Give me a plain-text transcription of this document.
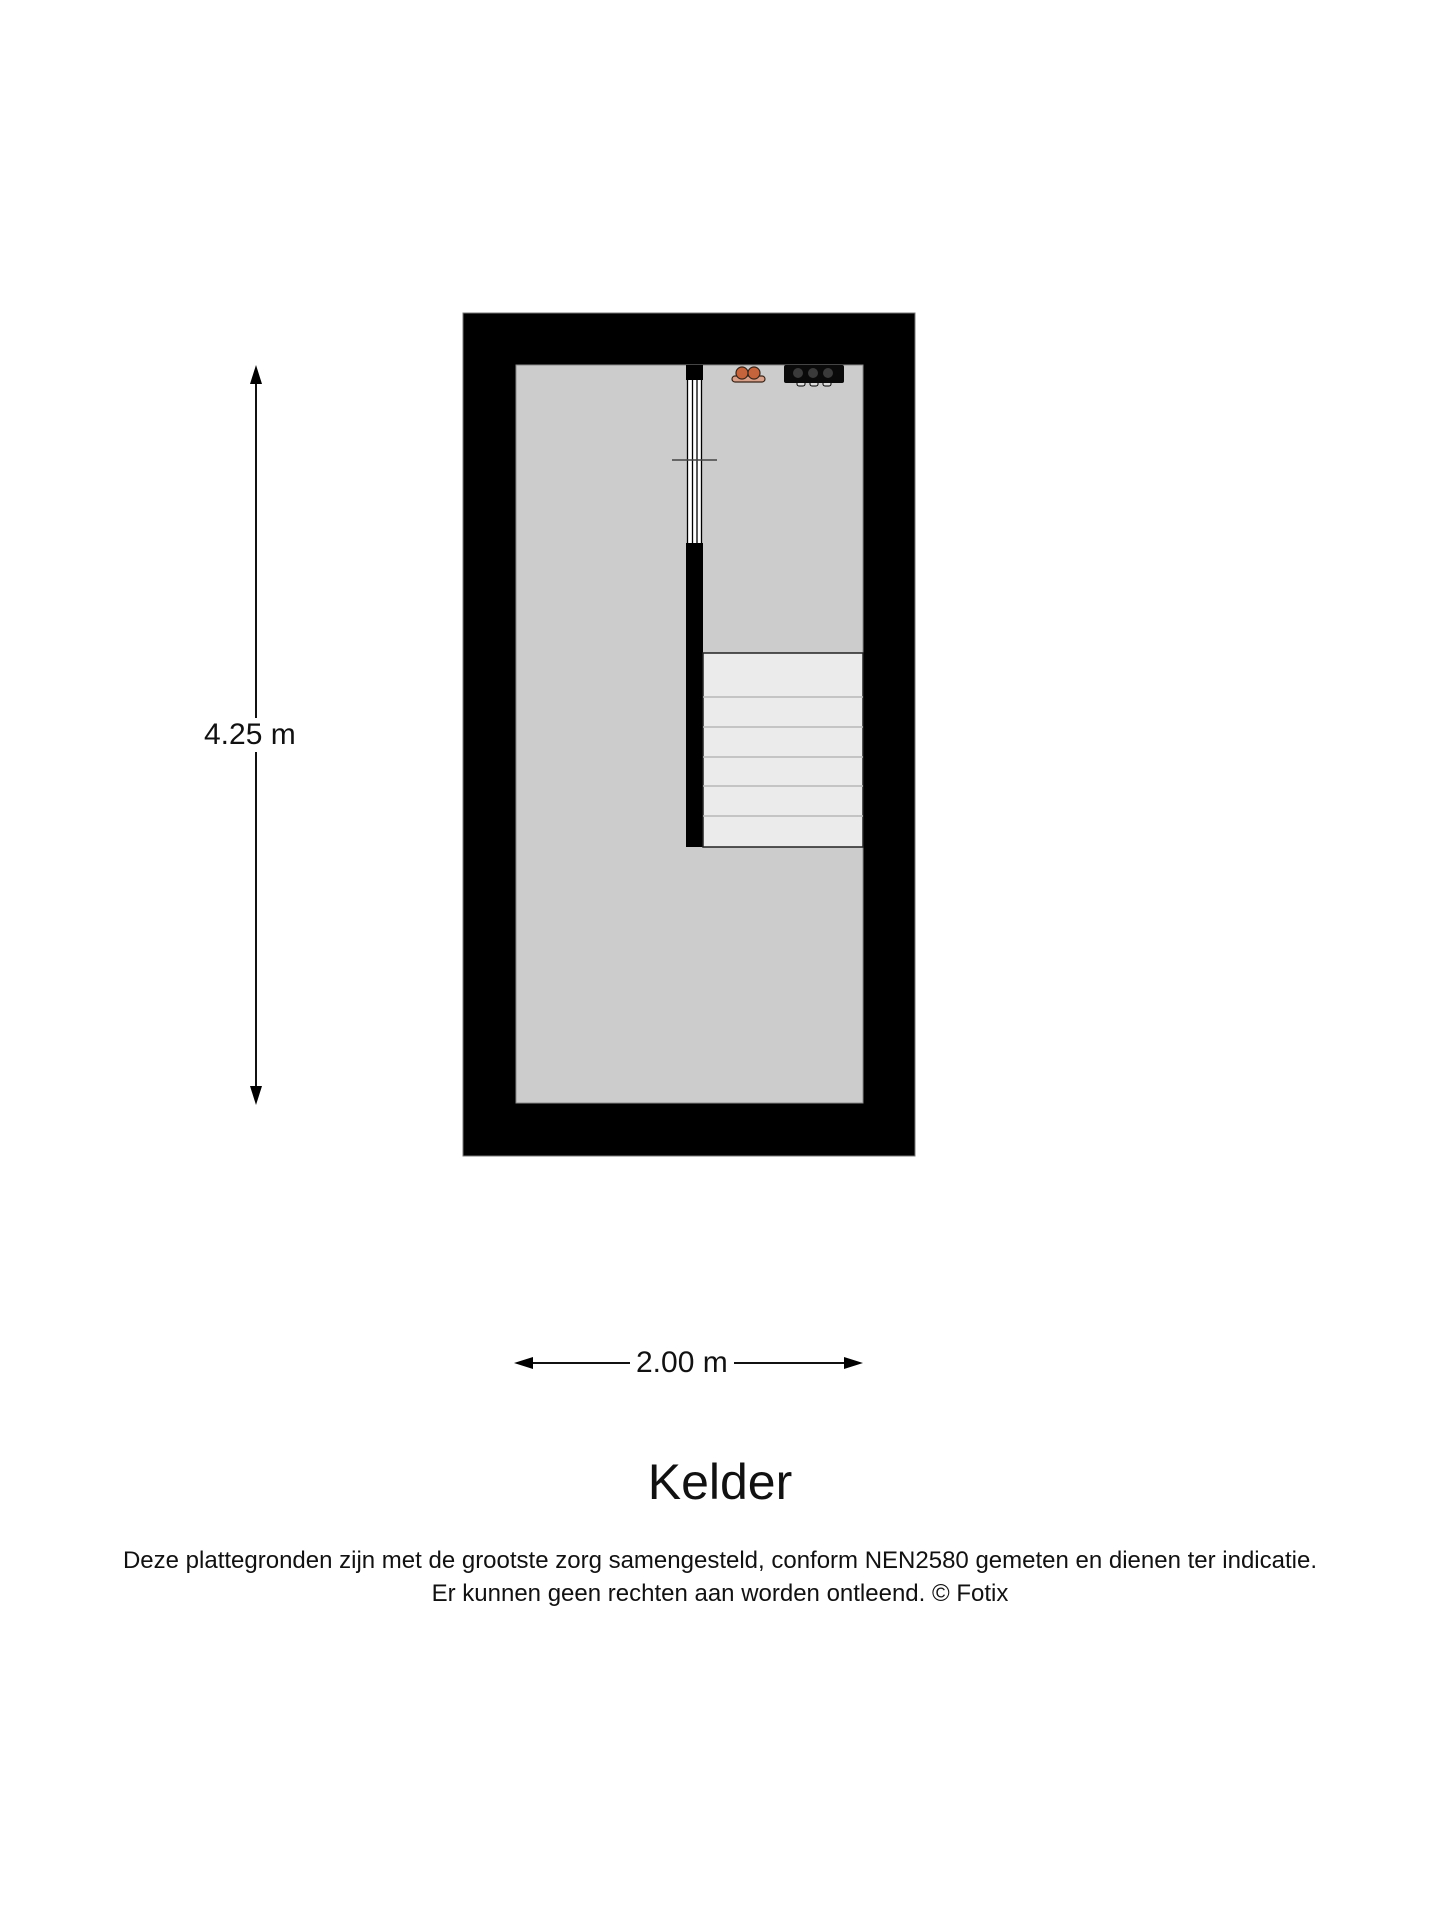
4.25 m
2.00 m
Kelder
Deze plattegronden zijn met de grootste zorg samengesteld, conform NEN2580 gemeten en dienen ter indicatie.
Er kunnen geen rechten aan worden ontleend. © Fotix
